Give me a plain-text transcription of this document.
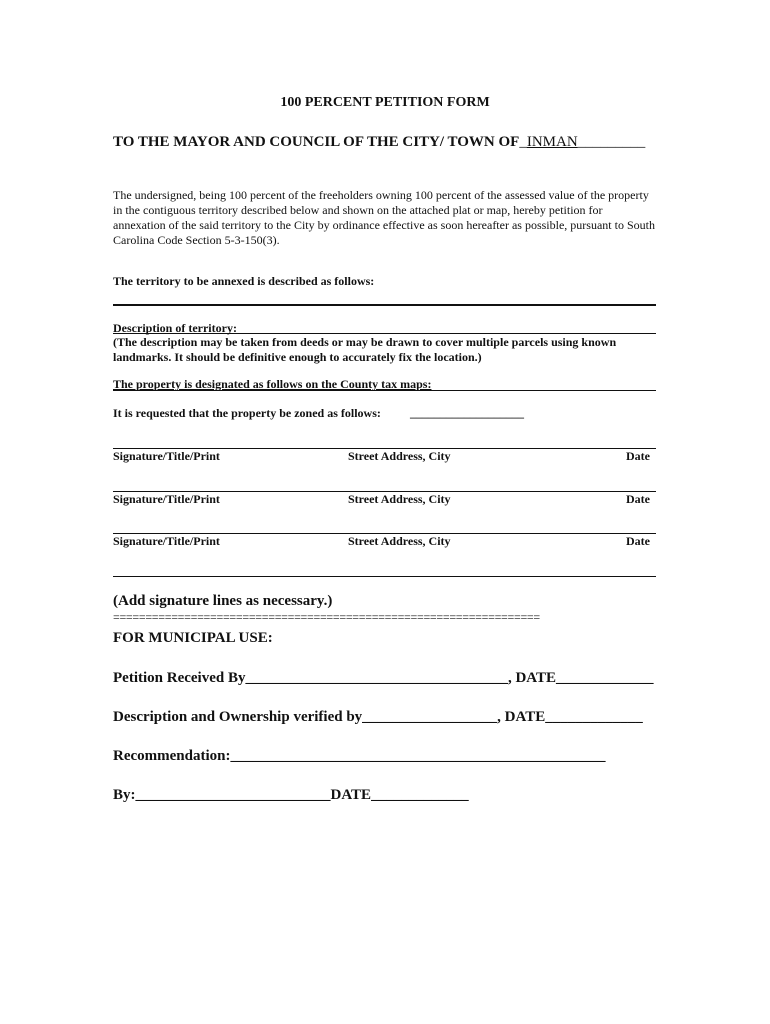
100 PERCENT PETITION FORM
TO THE MAYOR AND COUNCIL OF THE CITY/ TOWN OF_INMAN_________
The undersigned, being 100 percent of the freeholders owning 100 percent of the assessed value of the property in the contiguous territory described below and shown on the attached plat or map, hereby petition for annexation of the said territory to the City by ordinance effective as soon hereafter as possible, pursuant to South Carolina Code Section 5-3-150(3).
The territory to be annexed is described as follows:
Description of territory:
(The description may be taken from deeds or may be drawn to cover multiple parcels using known landmarks. It should be definitive enough to accurately fix the location.)
The property is designated as follows on the County tax maps:
It is requested that the property be zoned as follows: ___________________
Signature/Title/Print	Street Address, City	Date
Signature/Title/Print	Street Address, City	Date
Signature/Title/Print	Street Address, City	Date
(Add signature lines as necessary.)
==================================================================
FOR MUNICIPAL USE:
Petition Received By___________________________________, DATE_____________
Description and Ownership verified by__________________, DATE_____________
Recommendation:__________________________________________________
By:__________________________DATE_____________
